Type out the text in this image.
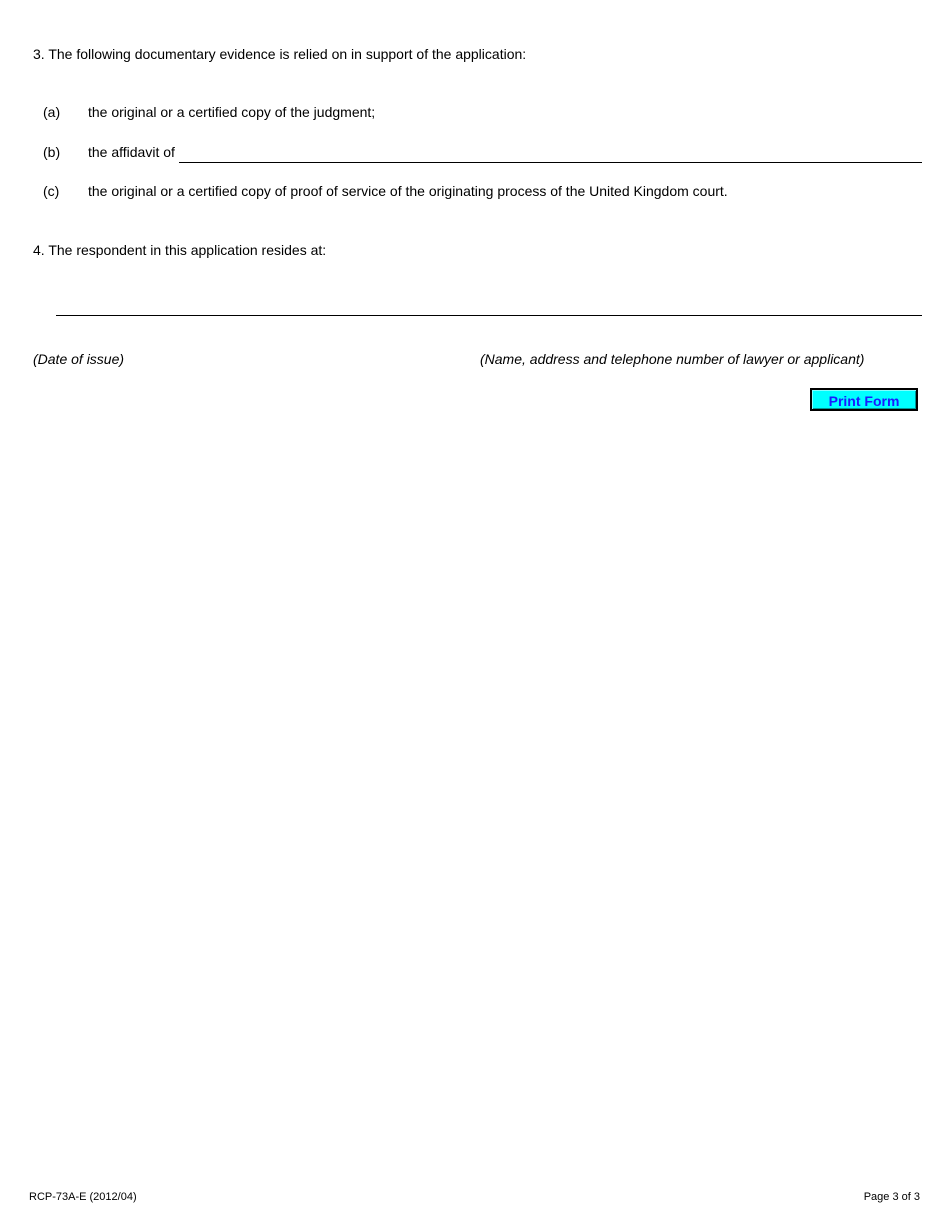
3. The following documentary evidence is relied on in support of the application:
(a) the original or a certified copy of the judgment;
(b) the affidavit of
(c) the original or a certified copy of proof of service of the originating process of the United Kingdom court.
4. The respondent in this application resides at:
(Date of issue)	(Name, address and telephone number of lawyer or applicant)
Print Form
RCP-73A-E (2012/04)	Page 3 of 3
